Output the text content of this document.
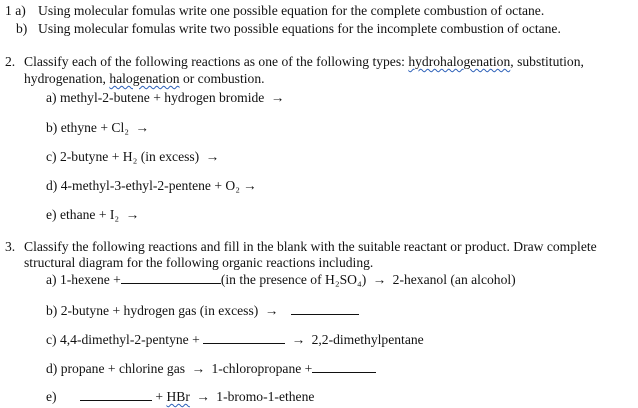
1 a) Using molecular fomulas write one possible equation for the complete combustion of octane.
b) Using molecular fomulas write two possible equations for the incomplete combustion of octane.
2. Classify each of the following reactions as one of the following types: hydrohalogenation, substitution,
hydrogenation, halogenation or combustion.
a) methyl-2-butene + hydrogen bromide →
b) ethyne + Cl₂ →
c) 2-butyne + H₂ (in excess) →
d) 4-methyl-3-ethyl-2-pentene + O₂ →
e) ethane + I₂ →
3. Classify the following reactions and fill in the blank with the suitable reactant or product. Draw complete
structural diagram for the following organic reactions including.
a) 1-hexene +	(in the presence of H₂SO₄) → 2-hexanol (an alcohol)
b) 2-butyne + hydrogen gas (in excess) →
c) 4,4-dimethyl-2-pentyne +	→ 2,2-dimethylpentane
d) propane + chlorine gas → 1-chloropropane +
e)	+ HBr → 1-bromo-1-ethene
